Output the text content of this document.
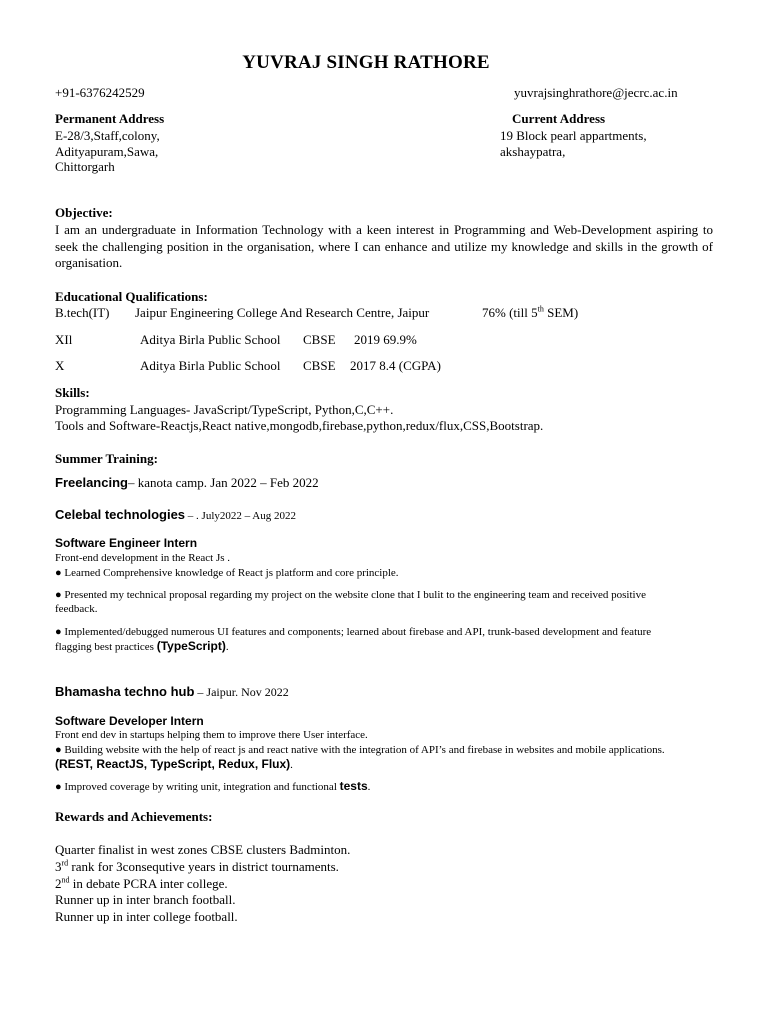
YUVRAJ SINGH RATHORE
+91-6376242529	yuvrajsinghrathore@jecrc.ac.in
Permanent Address
E-28/3,Staff,colony,
Adityapuram,Sawa,
Chittorgarh
Current Address
19 Block pearl appartments,
akshaypatra,
Objective:
I am an undergraduate in Information Technology with a keen interest in Programming and Web-Development aspiring to seek the challenging position in the organisation, where I can enhance and utilize my knowledge and skills in the growth of organisation.
Educational Qualifications:
B.tech(IT) Jaipur Engineering College And Research Centre, Jaipur	76% (till 5th SEM)
XIl	Aditya Birla Public School CBSE 2019 69.9%
X	Aditya Birla Public School CBSE 2017 8.4 (CGPA)
Skills:
Programming Languages- JavaScript/TypeScript, Python,C,C++.
Tools and Software-Reactjs,React native,mongodb,firebase,python,redux/flux,CSS,Bootstrap.
Summer Training:
Freelancing– kanota camp. Jan 2022 – Feb 2022
Celebal technologies – . July2022 – Aug 2022
Software Engineer Intern
Front-end development in the React Js .
● Learned Comprehensive knowledge of React js platform and core principle.
● Presented my technical proposal regarding my project on the website clone that I bulit to the engineering team and received positive feedback.
● Implemented/debugged numerous UI features and components; learned about firebase and API, trunk-based development and feature flagging best practices (TypeScript).
Bhamasha techno hub – Jaipur. Nov 2022
Software Developer Intern
Front end dev in startups helping them to improve there User interface.
● Building website with the help of react js and react native with the integration of API’s and firebase in websites and mobile applications. (REST, ReactJS, TypeScript, Redux, Flux).
● Improved coverage by writing unit, integration and functional tests.
Rewards and Achievements:
Quarter finalist in west zones CBSE clusters Badminton.
3rd rank for 3consequtive years in district tournaments.
2nd in debate PCRA inter college.
Runner up in inter branch football.
Runner up in inter college football.
